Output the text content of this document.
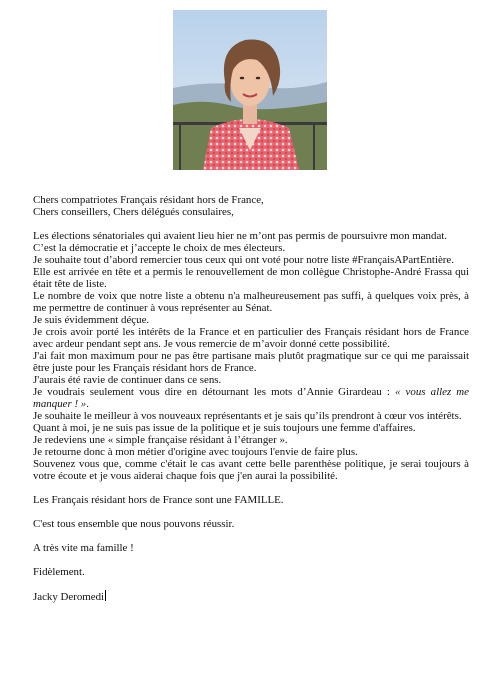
Chers compatriotes Français résidant hors de France,

Chers conseillers, Chers délégués consulaires,

Les élections sénatoriales qui avaient lieu hier ne m’ont pas permis de poursuivre mon mandat.

C’est la démocratie et j’accepte le choix de mes électeurs.

Je souhaite tout d’abord remercier tous ceux qui ont voté pour notre liste #FrançaisAPartEntière.

Elle est arrivée en tête et a permis le renouvellement de mon collègue Christophe-André Frassa qui était tête de liste.

Le nombre de voix que notre liste a obtenu n'a malheureusement pas suffi, à quelques voix près, à me permettre de continuer à vous représenter au Sénat.

Je suis évidemment déçue.

Je crois avoir porté les intérêts de la France et en particulier des Français résidant hors de France avec ardeur pendant sept ans. Je vous remercie de m’avoir donné cette possibilité.

J'ai fait mon maximum pour ne pas être partisane mais plutôt pragmatique sur ce qui me paraissait être juste pour les Français résidant hors de France.

J'aurais été ravie de continuer dans ce sens.

Je voudrais seulement vous dire en détournant les mots d’Annie Girardeau : « vous allez me manquer ! ».

Je souhaite le meilleur à vos nouveaux représentants et je sais qu’ils prendront à cœur vos intérêts.

Quant à moi, je ne suis pas issue de la politique et je suis toujours une femme d'affaires.

Je redeviens une « simple française résidant à l’étranger ».

Je retourne donc à mon métier d'origine avec toujours l'envie de faire plus.

Souvenez vous que, comme c'était le cas avant cette belle parenthèse politique, je serai toujours à votre écoute et je vous aiderai chaque fois que j'en aurai la possibilité.

Les Français résidant hors de France sont une FAMILLE.

C'est tous ensemble que nous pouvons réussir.

A très vite ma famille !

Fidèlement.

Jacky Deromedi
